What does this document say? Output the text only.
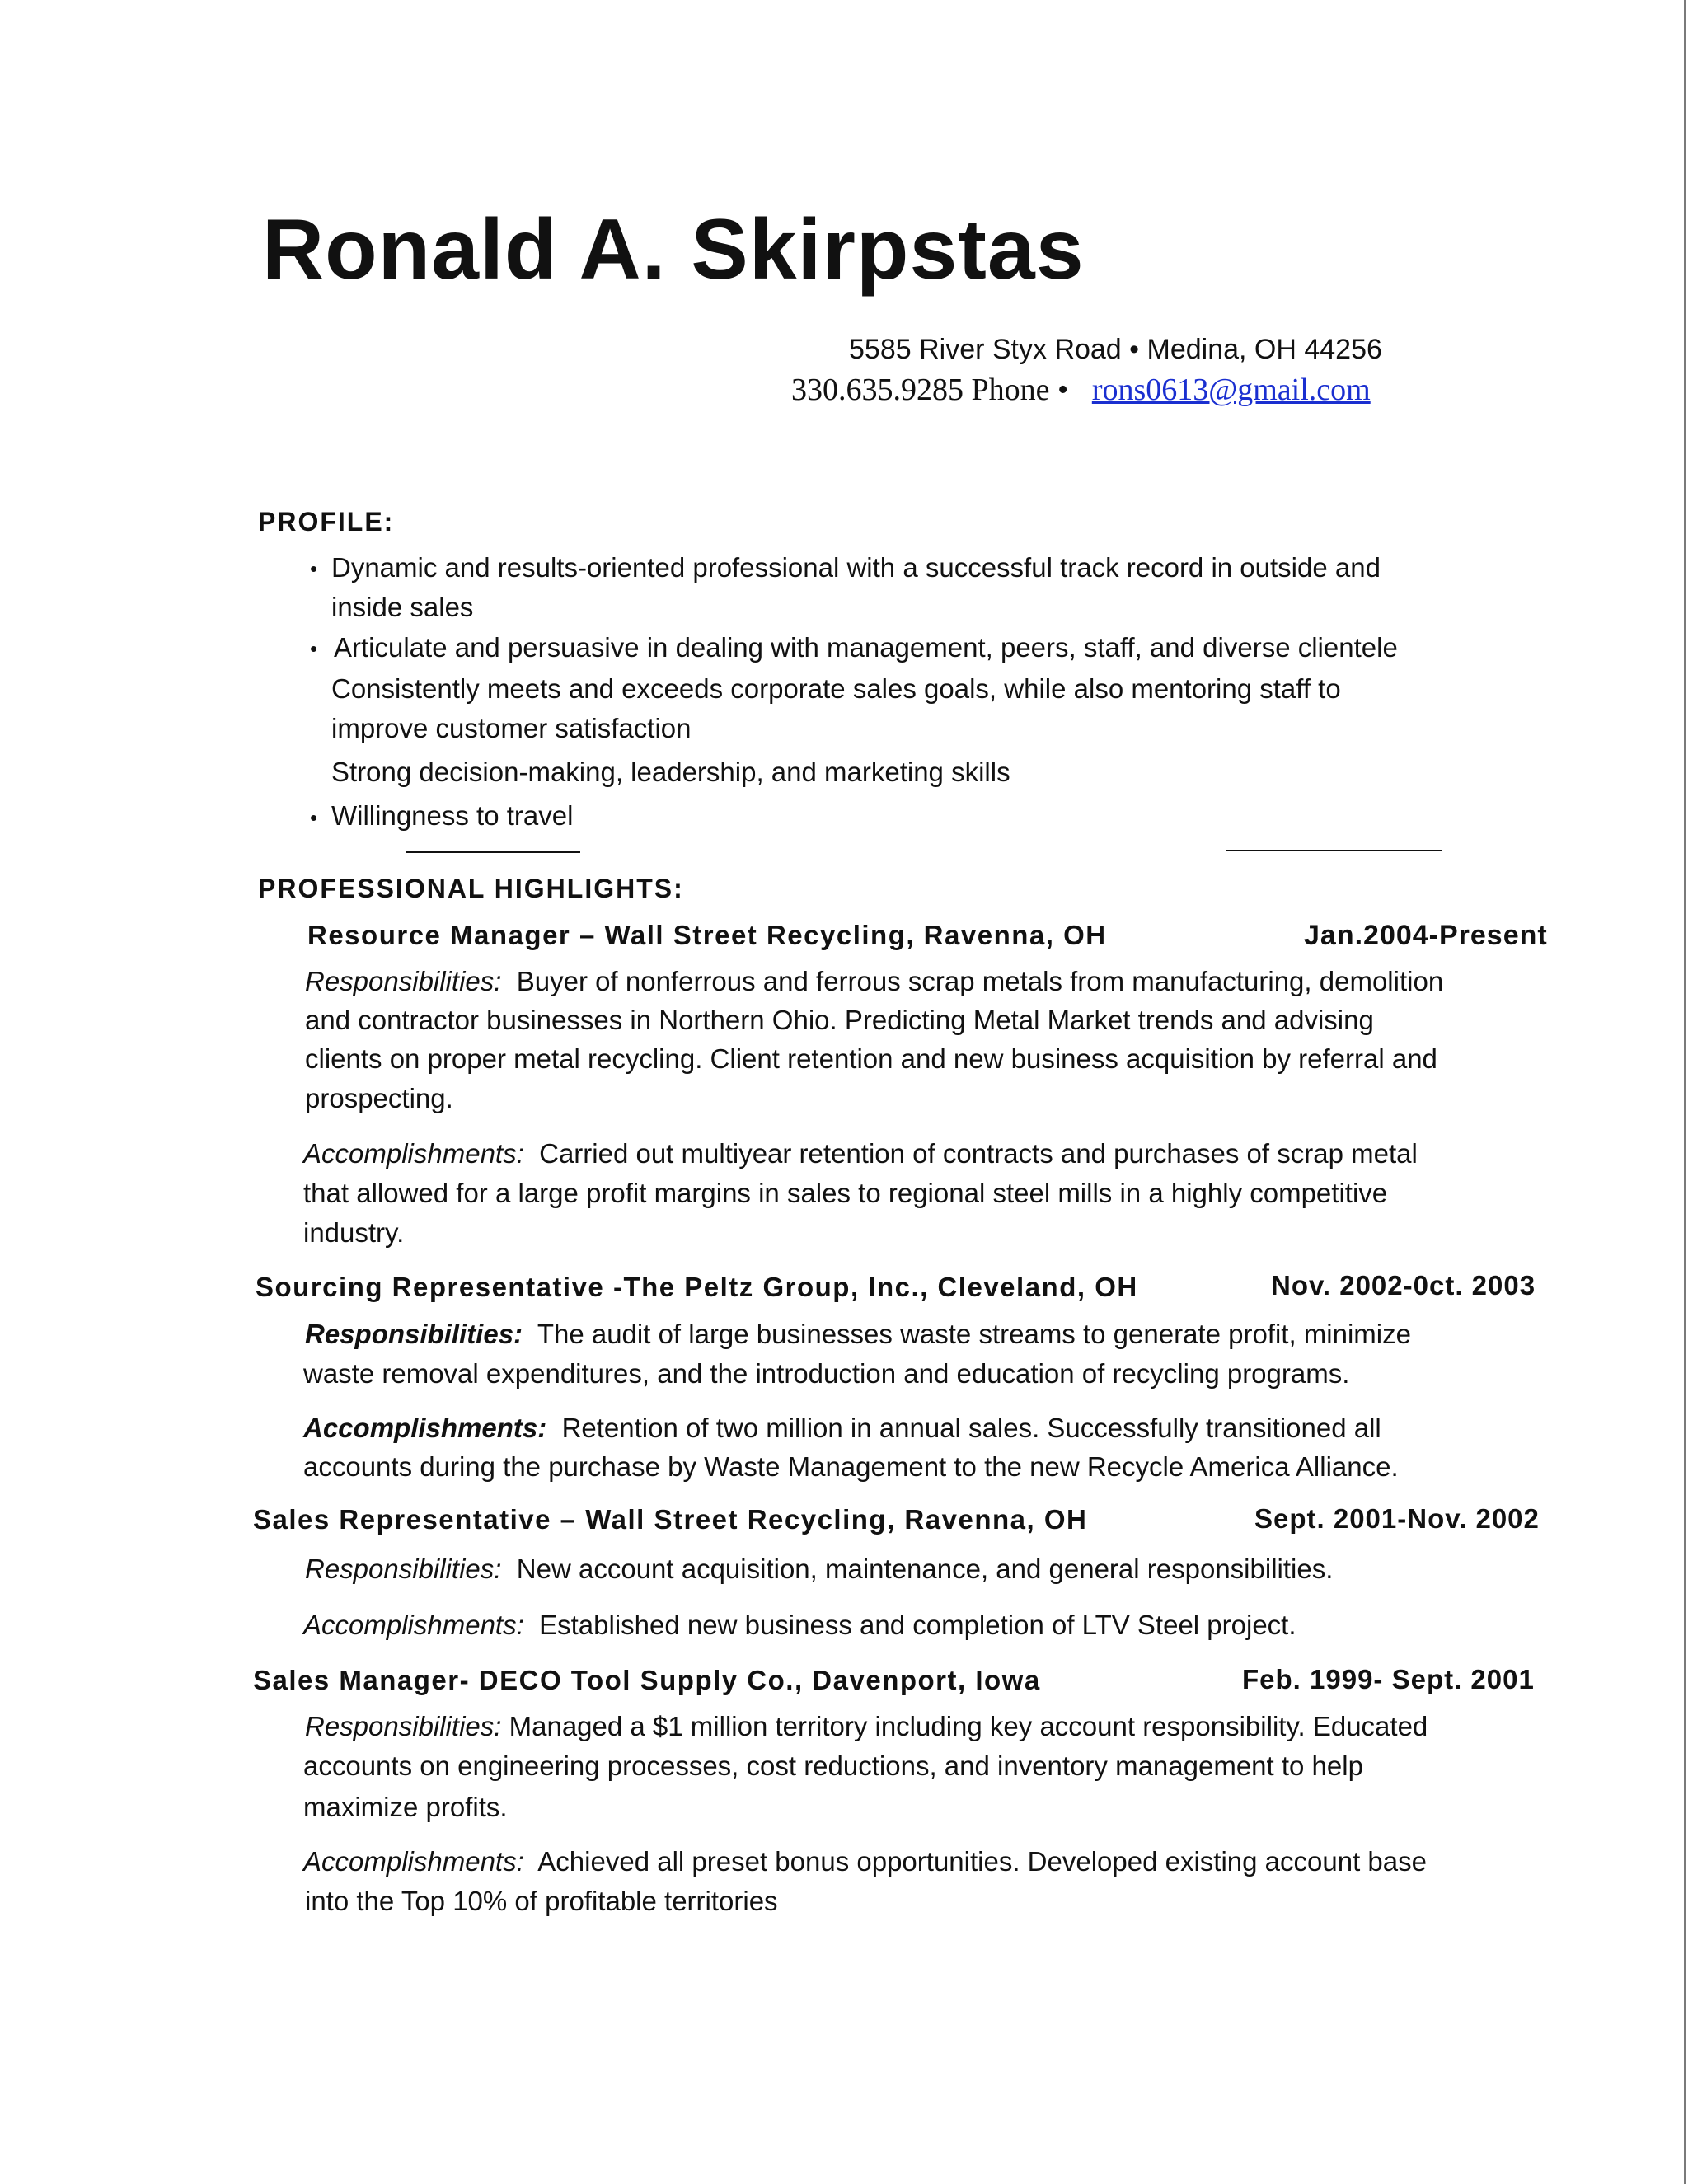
Ronald A. Skirpstas
5585 River Styx Road • Medina, OH 44256
330.635.9285 Phone • rons0613@gmail.com
PROFILE:
• Dynamic and results-oriented professional with a successful track record in outside and
inside sales
• Articulate and persuasive in dealing with management, peers, staff, and diverse clientele
Consistently meets and exceeds corporate sales goals, while also mentoring staff to
improve customer satisfaction
Strong decision-making, leadership, and marketing skills
• Willingness to travel
PROFESSIONAL HIGHLIGHTS:
Resource Manager – Wall Street Recycling, Ravenna, OH	Jan.2004-Present
Responsibilities: Buyer of nonferrous and ferrous scrap metals from manufacturing, demolition
and contractor businesses in Northern Ohio. Predicting Metal Market trends and advising
clients on proper metal recycling. Client retention and new business acquisition by referral and
prospecting.
Accomplishments: Carried out multiyear retention of contracts and purchases of scrap metal
that allowed for a large profit margins in sales to regional steel mills in a highly competitive
industry.
Sourcing Representative -The Peltz Group, Inc., Cleveland, OH	Nov. 2002-0ct. 2003
Responsibilities: The audit of large businesses waste streams to generate profit, minimize
waste removal expenditures, and the introduction and education of recycling programs.
Accomplishments: Retention of two million in annual sales. Successfully transitioned all
accounts during the purchase by Waste Management to the new Recycle America Alliance.
Sales Representative – Wall Street Recycling, Ravenna, OH	Sept. 2001-Nov. 2002
Responsibilities: New account acquisition, maintenance, and general responsibilities.
Accomplishments: Established new business and completion of LTV Steel project.
Sales Manager- DECO Tool Supply Co., Davenport, Iowa	Feb. 1999- Sept. 2001
Responsibilities: Managed a $1 million territory including key account responsibility. Educated
accounts on engineering processes, cost reductions, and inventory management to help
maximize profits.
Accomplishments: Achieved all preset bonus opportunities. Developed existing account base
into the Top 10% of profitable territories
